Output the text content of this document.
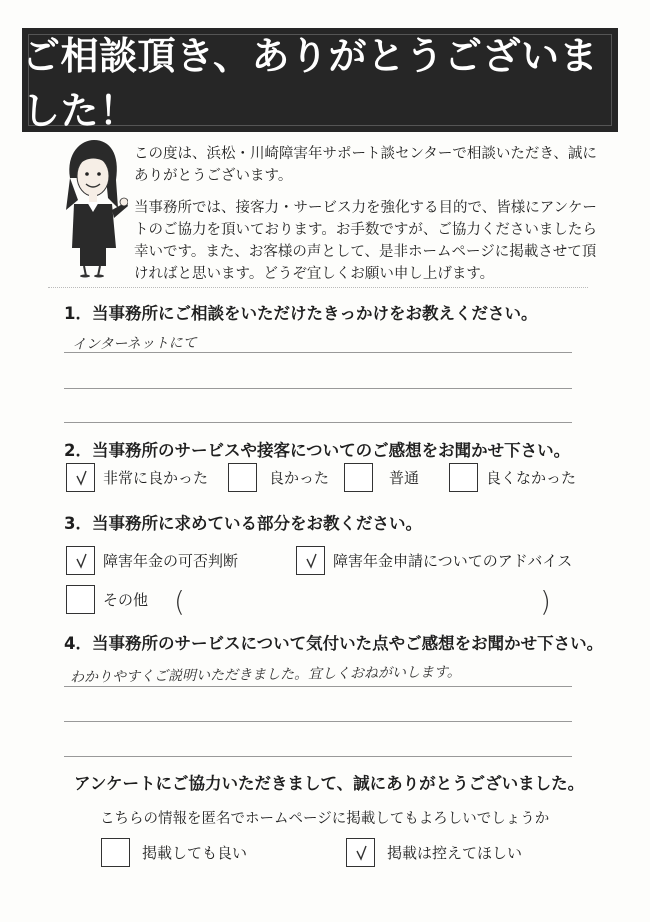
ご相談頂き、ありがとうございました！
この度は、浜松・川崎障害年サポート談センターで相談いただき、誠にありがとうございます。
当事務所では、接客力・サービス力を強化する目的で、皆様にアンケートのご協力を頂いております。お手数ですが、ご協力くださいましたら幸いです。また、お客様の声として、是非ホームページに掲載させて頂ければと思います。どうぞ宜しくお願い申し上げます。
1．当事務所にご相談をいただけたきっかけをお教えください。
インターネットにて
2．当事務所のサービスや接客についてのご感想をお聞かせ下さい。
非常に良かった	良かった	普通	良くなかった
3．当事務所に求めている部分をお教ください。
障害年金の可否判断	障害年金申請についてのアドバイス
その他 (	)
4．当事務所のサービスについて気付いた点やご感想をお聞かせ下さい。
わかりやすくご説明いただきました。宜しくおねがいします。
アンケートにご協力いただきまして、誠にありがとうございました。
こちらの情報を匿名でホームページに掲載してもよろしいでしょうか
掲載しても良い	掲載は控えてほしい
